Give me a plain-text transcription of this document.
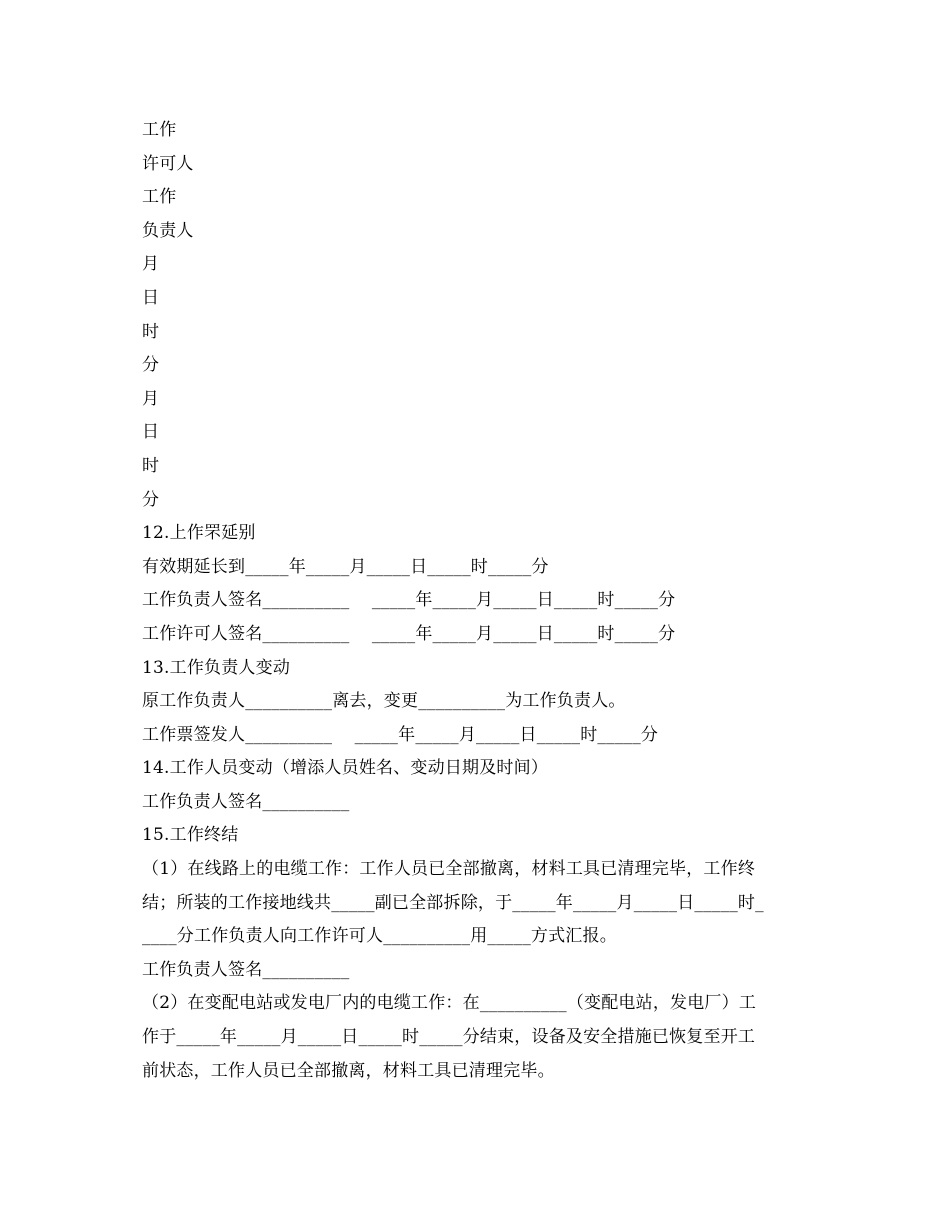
工作
许可人
工作
负责人
月
日
时
分
月
日
时
分
12.上作罘延别
有效期延长到_____年_____月_____日_____时_____分
工作负责人签名__________    _____年_____月_____日_____时_____分
工作许可人签名__________    _____年_____月_____日_____时_____分
13.工作负责人变动
原工作负责人__________离去，变更__________为工作负责人。
工作票签发人__________    _____年_____月_____日_____时_____分
14.工作人员变动（增添人员姓名、变动日期及时间）
工作负责人签名__________
15.工作终结
（1）在线路上的电缆工作：工作人员已全部撤离，材料工具已清理完毕，工作终
结；所装的工作接地线共_____副已全部拆除，于_____年_____月_____日_____时_
____分工作负责人向工作许可人__________用_____方式汇报。
工作负责人签名__________
（2）在变配电站或发电厂内的电缆工作：在__________（变配电站，发电厂）工
作于_____年_____月_____日_____时_____分结束，设备及安全措施已恢复至开工
前状态，工作人员已全部撤离，材料工具已清理完毕。
